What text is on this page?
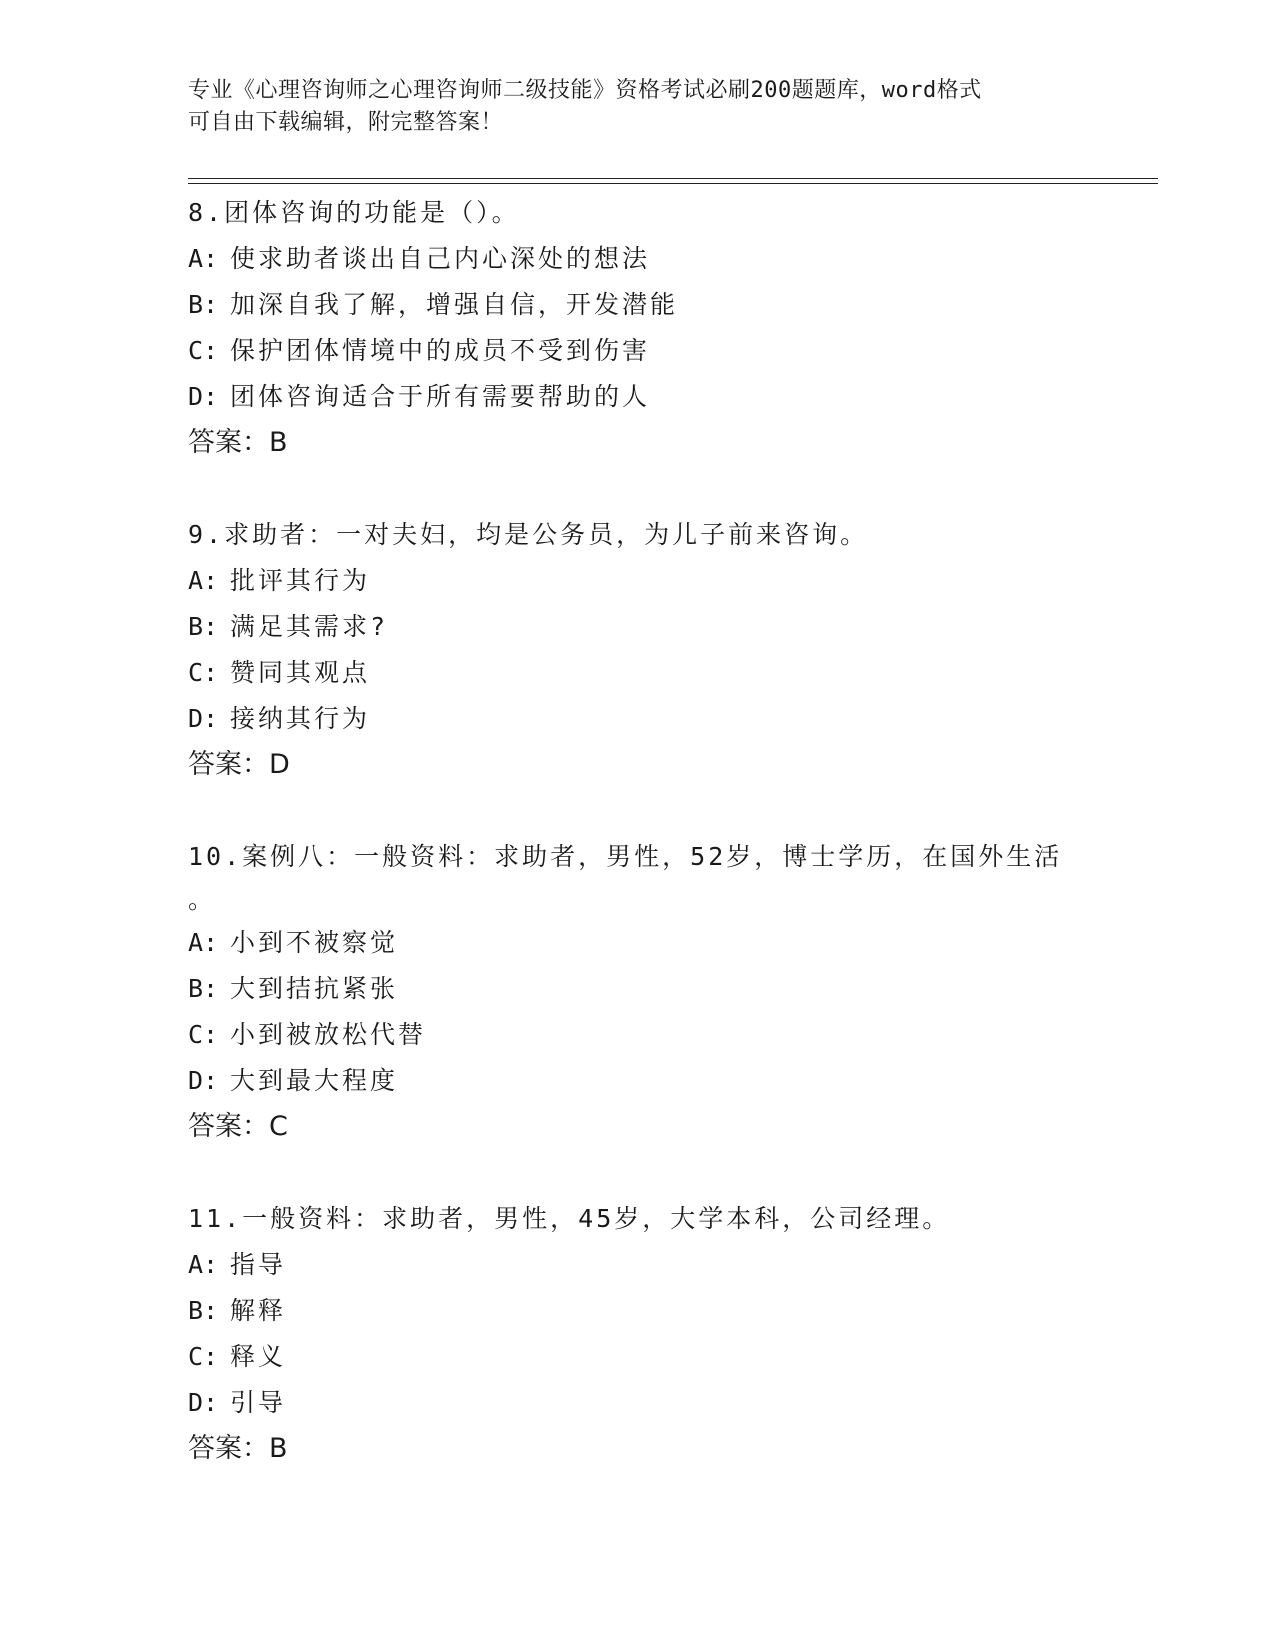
专业《心理咨询师之心理咨询师二级技能》资格考试必刷200题题库，word格式
可自由下载编辑，附完整答案！
8.团体咨询的功能是（）。
A: 使求助者谈出自己内心深处的想法
B: 加深自我了解，增强自信，开发潜能
C: 保护团体情境中的成员不受到伤害
D: 团体咨询适合于所有需要帮助的人
答案：B
9.求助者：一对夫妇，均是公务员，为儿子前来咨询。
A: 批评其行为
B: 满足其需求?
C: 赞同其观点
D: 接纳其行为
答案：D
10.案例八：一般资料：求助者，男性，52岁，博士学历，在国外生活
。
A: 小到不被察觉
B: 大到拮抗紧张
C: 小到被放松代替
D: 大到最大程度
答案：C
11.一般资料：求助者，男性，45岁，大学本科，公司经理。
A: 指导
B: 解释
C: 释义
D: 引导
答案：B
